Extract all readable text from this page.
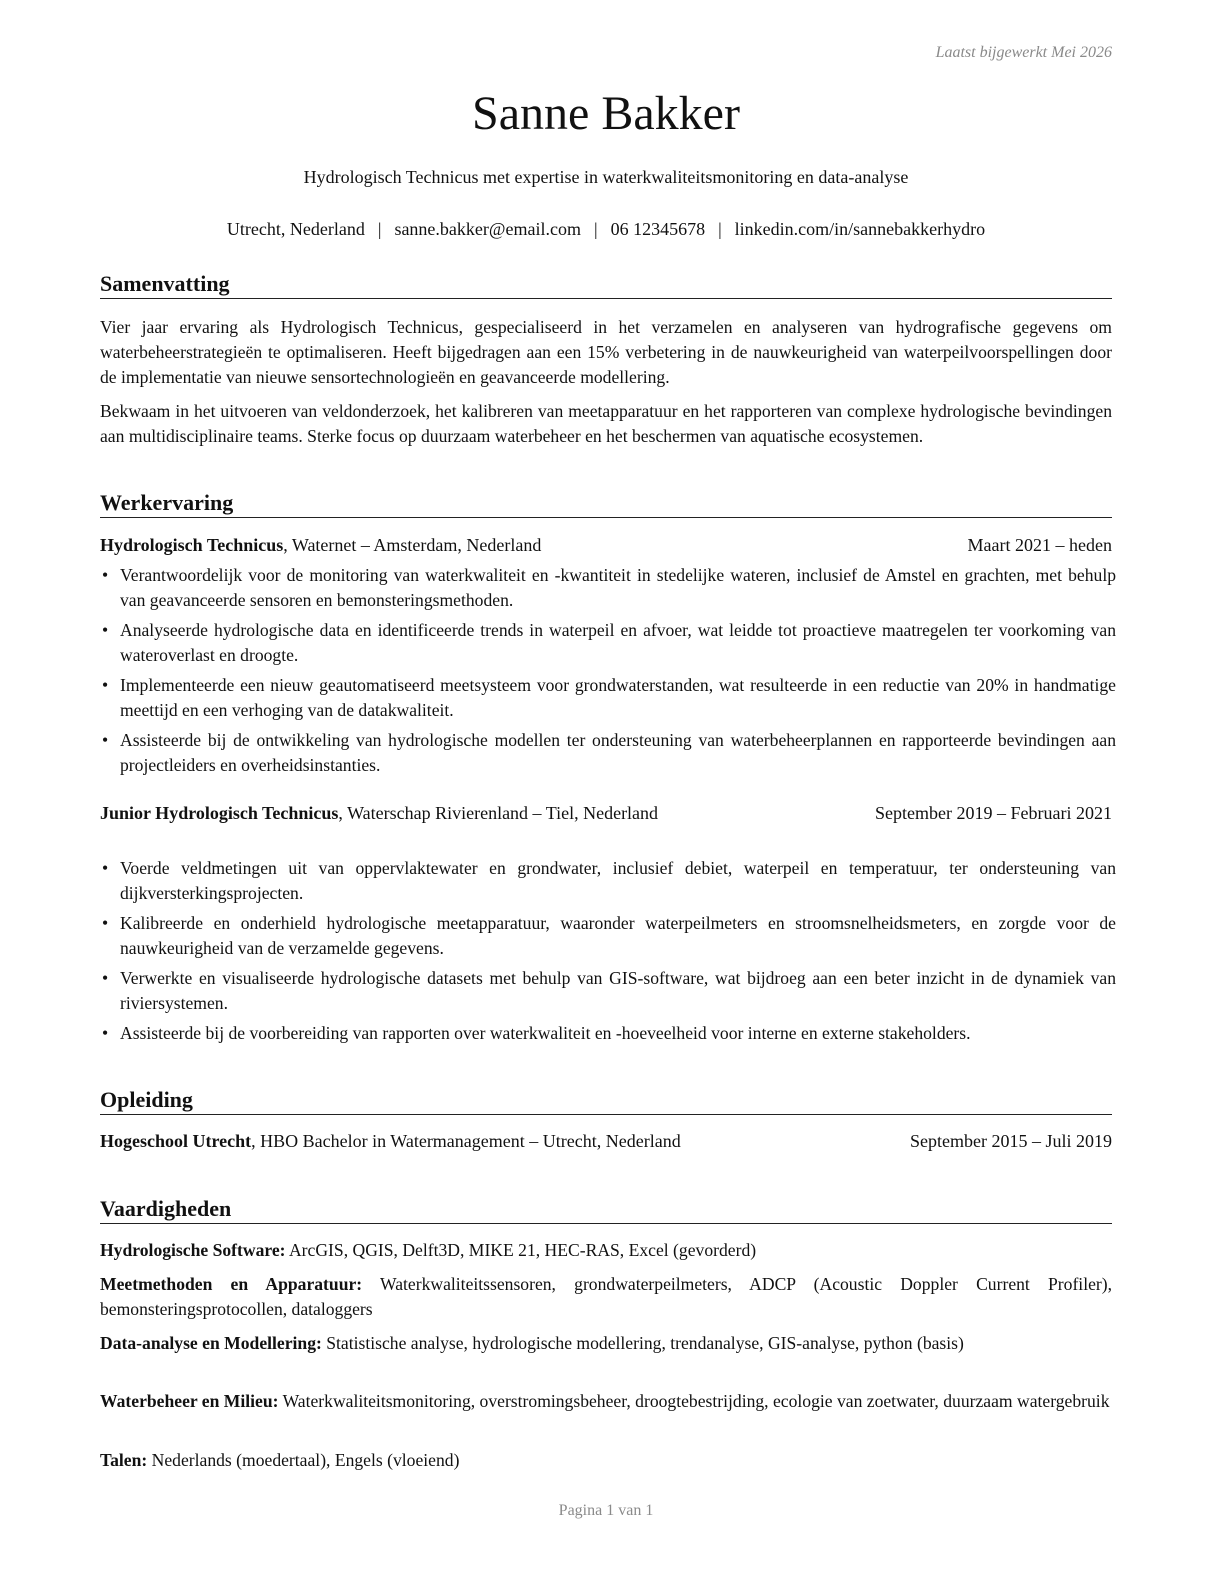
Laatst bijgewerkt Mei 2026
Sanne Bakker
Hydrologisch Technicus met expertise in waterkwaliteitsmonitoring en data-analyse
Utrecht, Nederland | sanne.bakker@email.com | 06 12345678 | linkedin.com/in/sannebakkerhydro
Samenvatting

Vier jaar ervaring als Hydrologisch Technicus, gespecialiseerd in het verzamelen en analyseren van hydrografische gegevens om waterbeheerstrategieën te optimaliseren. Heeft bijgedragen aan een 15% verbetering in de nauwkeurigheid van waterpeilvoorspellingen door de implementatie van nieuwe sensortechnologieën en geavanceerde modellering.

Bekwaam in het uitvoeren van veldonderzoek, het kalibreren van meetapparatuur en het rapporteren van complexe hydrologische bevindingen aan multidisciplinaire teams. Sterke focus op duurzaam waterbeheer en het beschermen van aquatische ecosystemen.

Werkervaring
Hydrologisch Technicus, Waternet – Amsterdam, Nederland	Maart 2021 – heden
• Verantwoordelijk voor de monitoring van waterkwaliteit en -kwantiteit in stedelijke wateren, inclusief de Amstel en grachten, met behulp van geavanceerde sensoren en bemonsteringsmethoden.
• Analyseerde hydrologische data en identificeerde trends in waterpeil en afvoer, wat leidde tot proactieve maatregelen ter voorkoming van wateroverlast en droogte.
• Implementeerde een nieuw geautomatiseerd meetsysteem voor grondwaterstanden, wat resulteerde in een reductie van 20% in handmatige meettijd en een verhoging van de datakwaliteit.
• Assisteerde bij de ontwikkeling van hydrologische modellen ter ondersteuning van waterbeheerplannen en rapporteerde bevindingen aan projectleiders en overheidsinstanties.
Junior Hydrologisch Technicus, Waterschap Rivierenland – Tiel, Nederland	September 2019 – Februari 2021
• Voerde veldmetingen uit van oppervlaktewater en grondwater, inclusief debiet, waterpeil en temperatuur, ter ondersteuning van dijkversterkingsprojecten.
• Kalibreerde en onderhield hydrologische meetapparatuur, waaronder waterpeilmeters en stroomsnelheidsmeters, en zorgde voor de nauwkeurigheid van de verzamelde gegevens.
• Verwerkte en visualiseerde hydrologische datasets met behulp van GIS-software, wat bijdroeg aan een beter inzicht in de dynamiek van riviersystemen.
• Assisteerde bij de voorbereiding van rapporten over waterkwaliteit en -hoeveelheid voor interne en externe stakeholders.
Opleiding
Hogeschool Utrecht, HBO Bachelor in Watermanagement – Utrecht, Nederland	September 2015 – Juli 2019
Vaardigheden

Hydrologische Software: ArcGIS, QGIS, Delft3D, MIKE 21, HEC-RAS, Excel (gevorderd)

Meetmethoden en Apparatuur: Waterkwaliteitssensoren, grondwaterpeilmeters, ADCP (Acoustic Doppler Current Profiler), bemonsteringsprotocollen, dataloggers

Data-analyse en Modellering: Statistische analyse, hydrologische modellering, trendanalyse, GIS-analyse, python (basis)

Waterbeheer en Milieu: Waterkwaliteitsmonitoring, overstromingsbeheer, droogtebestrijding, ecologie van zoetwater, duurzaam watergebruik

Talen: Nederlands (moedertaal), Engels (vloeiend)

Pagina 1 van 1
